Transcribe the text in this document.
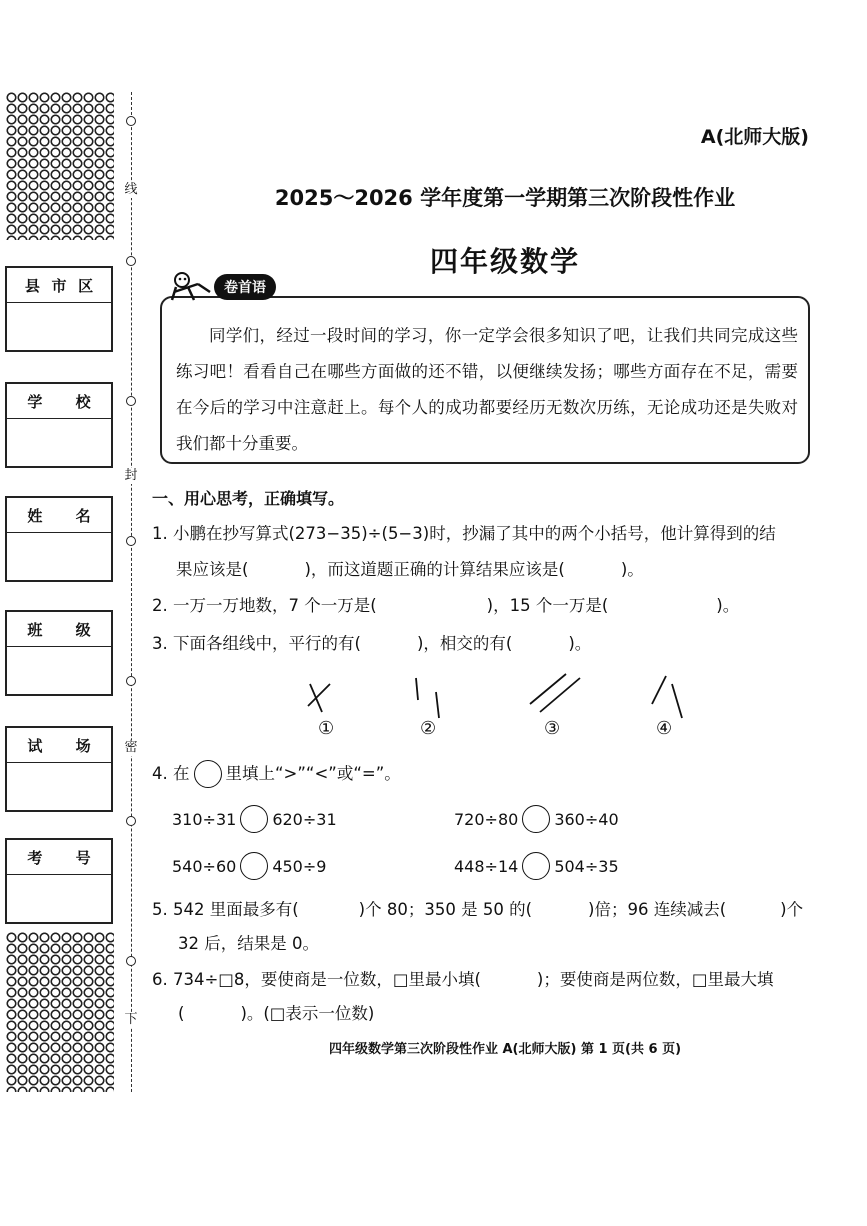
线
封
密
下
县 市 区
学 校
姓 名
班 级
试 场
考 号
A(北师大版)
2025～2026 学年度第一学期第三次阶段性作业
四年级数学
卷首语
同学们，经过一段时间的学习，你一定学会很多知识了吧，让我们共同完成这些练习吧！看看自己在哪些方面做的还不错，以便继续发扬；哪些方面存在不足，需要在今后的学习中注意赶上。每个人的成功都要经历无数次历练，无论成功还是失败对我们都十分重要。
一、用心思考，正确填写。
1. 小鹏在抄写算式(273−35)÷(5−3)时，抄漏了其中的两个小括号，他计算得到的结
果应该是(	)，而这道题正确的计算结果应该是(	)。
2. 一万一万地数，7 个一万是(	)，15 个一万是(	)。
3. 下面各组线中，平行的有(	)，相交的有(	)。
①	②	③	④
4. 在 里填上“>”“<”或“=”。
310÷31 620÷31	720÷80 360÷40
540÷60 450÷9	448÷14 504÷35
5. 542 里面最多有(	)个 80；350 是 50 的(	)倍；96 连续减去(	)个
32 后，结果是 0。
6. 734÷□8，要使商是一位数，□里最小填(	)；要使商是两位数，□里最大填
(	)。(□表示一位数)
四年级数学第三次阶段性作业 A(北师大版) 第 1 页(共 6 页)
